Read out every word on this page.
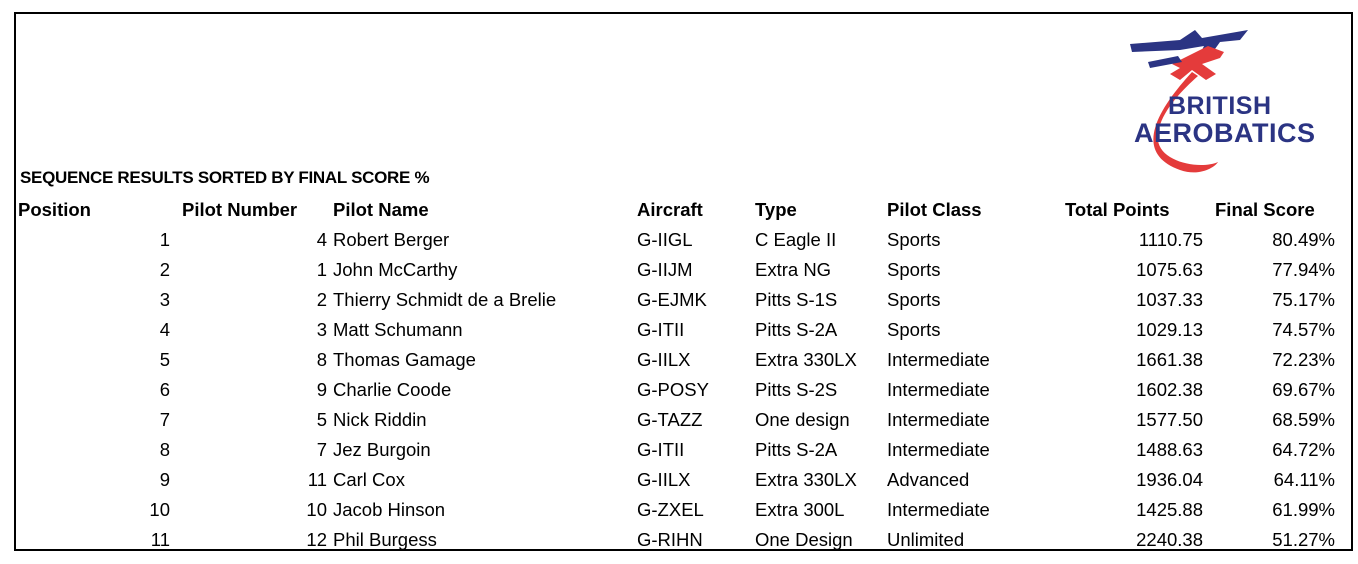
BRITISH
AEROBATICS
SEQUENCE RESULTS SORTED BY FINAL SCORE %
Position	Pilot Number	Pilot Name	Aircraft	Type	Pilot Class	Total Points	Final Score
1	4	Robert Berger	G-IIGL	C Eagle II	Sports	1110.75	80.49%
2	1	John McCarthy	G-IIJM	Extra NG	Sports	1075.63	77.94%
3	2	Thierry Schmidt de a Brelie	G-EJMK	Pitts S-1S	Sports	1037.33	75.17%
4	3	Matt Schumann	G-ITII	Pitts S-2A	Sports	1029.13	74.57%
5	8	Thomas Gamage	G-IILX	Extra 330LX	Intermediate	1661.38	72.23%
6	9	Charlie Coode	G-POSY	Pitts S-2S	Intermediate	1602.38	69.67%
7	5	Nick Riddin	G-TAZZ	One design	Intermediate	1577.50	68.59%
8	7	Jez Burgoin	G-ITII	Pitts S-2A	Intermediate	1488.63	64.72%
9	11	Carl Cox	G-IILX	Extra 330LX	Advanced	1936.04	64.11%
10	10	Jacob Hinson	G-ZXEL	Extra 300L	Intermediate	1425.88	61.99%
11	12	Phil Burgess	G-RIHN	One Design	Unlimited	2240.38	51.27%
